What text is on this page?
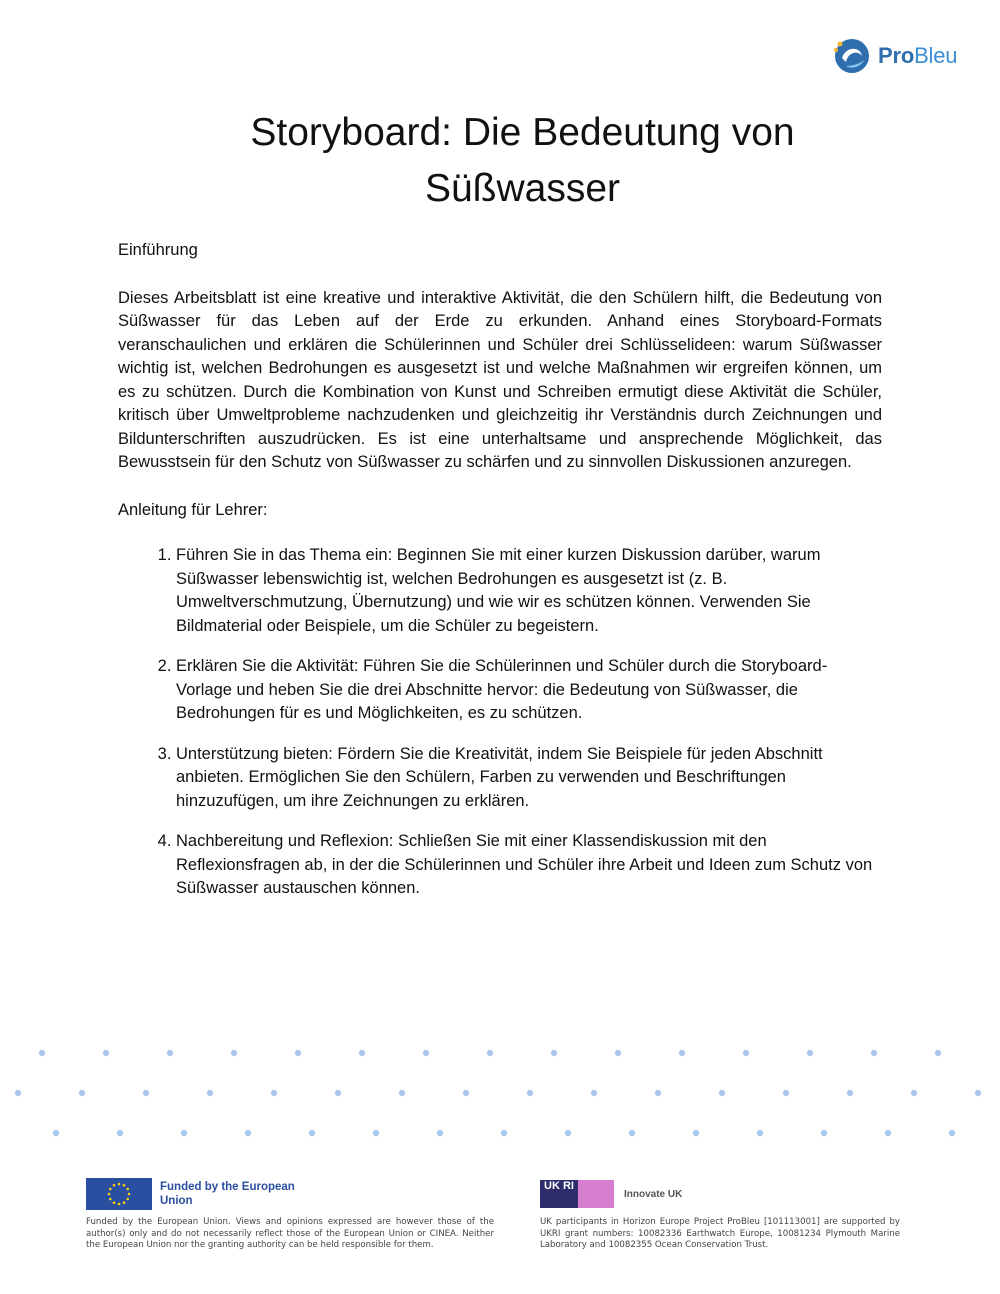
ProBleu
Storyboard: Die Bedeutung von
Süßwasser

Einführung

Dieses Arbeitsblatt ist eine kreative und interaktive Aktivität, die den Schülern hilft, die Bedeutung von Süßwasser für das Leben auf der Erde zu erkunden. Anhand eines Storyboard-Formats veranschaulichen und erklären die Schülerinnen und Schüler drei Schlüsselideen: warum Süßwasser wichtig ist, welchen Bedrohungen es ausgesetzt ist und welche Maßnahmen wir ergreifen können, um es zu schützen. Durch die Kombination von Kunst und Schreiben ermutigt diese Aktivität die Schüler, kritisch über Umweltprobleme nachzudenken und gleichzeitig ihr Verständnis durch Zeichnungen und Bildunterschriften auszudrücken. Es ist eine unterhaltsame und ansprechende Möglichkeit, das Bewusstsein für den Schutz von Süßwasser zu schärfen und zu sinnvollen Diskussionen anzuregen.

Anleitung für Lehrer:

1. Führen Sie in das Thema ein: Beginnen Sie mit einer kurzen Diskussion darüber, warum Süßwasser lebenswichtig ist, welchen Bedrohungen es ausgesetzt ist (z. B. Umweltverschmutzung, Übernutzung) und wie wir es schützen können. Verwenden Sie Bildmaterial oder Beispiele, um die Schüler zu begeistern.
2. Erklären Sie die Aktivität: Führen Sie die Schülerinnen und Schüler durch die Storyboard-Vorlage und heben Sie die drei Abschnitte hervor: die Bedeutung von Süßwasser, die Bedrohungen für es und Möglichkeiten, es zu schützen.
3. Unterstützung bieten: Fördern Sie die Kreativität, indem Sie Beispiele für jeden Abschnitt anbieten. Ermöglichen Sie den Schülern, Farben zu verwenden und Beschriftungen hinzuzufügen, um ihre Zeichnungen zu erklären.
4. Nachbereitung und Reflexion: Schließen Sie mit einer Klassendiskussion mit den Reflexionsfragen ab, in der die Schülerinnen und Schüler ihre Arbeit und Ideen zum Schutz von Süßwasser austauschen können.
Funded by the European Union
Funded by the European Union. Views and opinions expressed are however those of the author(s) only and do not necessarily reflect those of the European Union or CINEA. Neither the European Union nor the granting authority can be held responsible for them.
UK RI
Innovate UK
UK participants in Horizon Europe Project ProBleu [101113001] are supported by UKRI grant numbers: 10082336 Earthwatch Europe, 10081234 Plymouth Marine Laboratory and 10082355 Ocean Conservation Trust.
